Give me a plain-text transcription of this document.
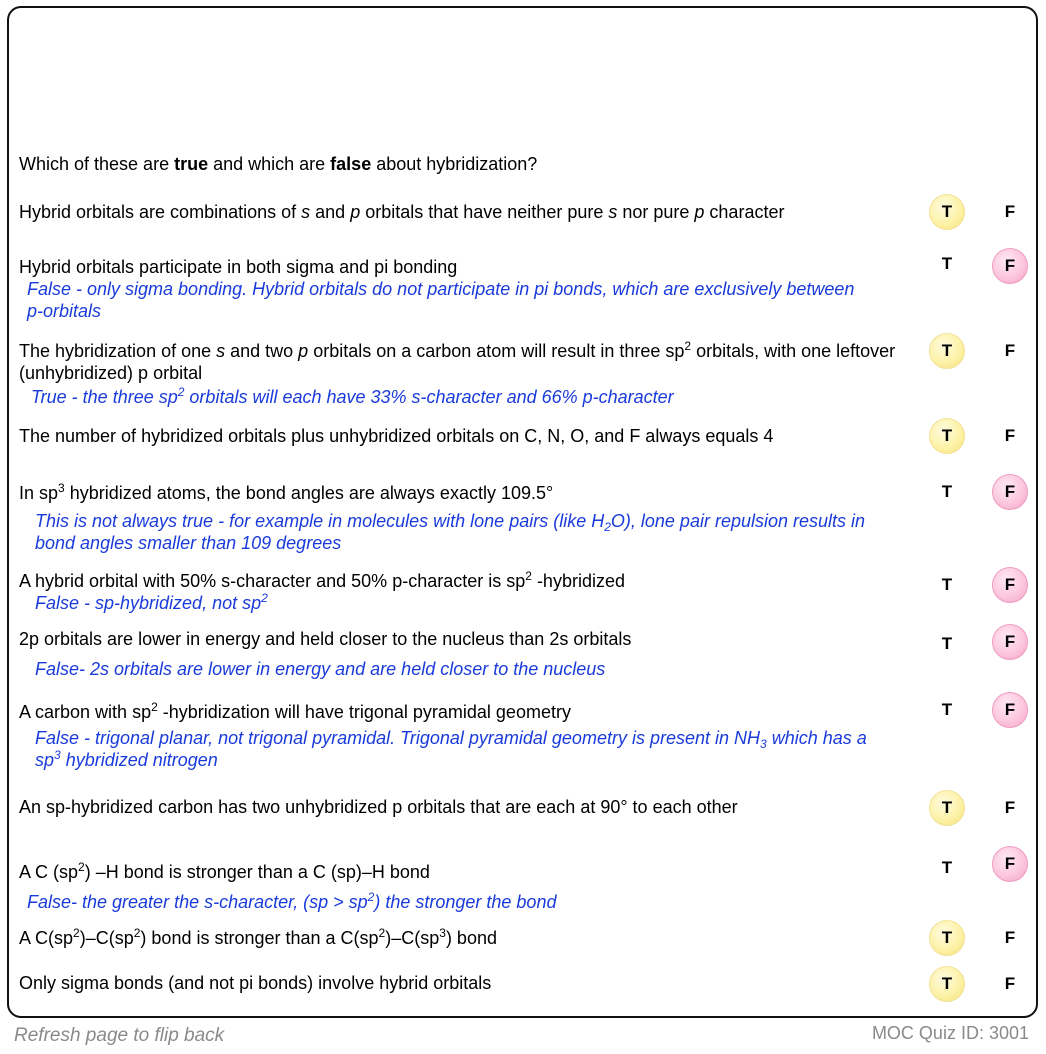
Which of these are true and which are false about hybridization?
Hybrid orbitals are combinations of s and p orbitals that have neither pure s nor pure p character	T	F
Hybrid orbitals participate in both sigma and pi bonding
False - only sigma bonding. Hybrid orbitals do not participate in pi bonds, which are exclusively between p-orbitals
T	F
The hybridization of one s and two p orbitals on a carbon atom will result in three $sp^2$ orbitals, with one leftover (unhybridized) p orbital
True - the three $sp^2$ orbitals will each have 33% s-character and 66% p-character
T	F
The number of hybridized orbitals plus unhybridized orbitals on C, N, O, and F always equals 4	T	F
In $sp^3$ hybridized atoms, the bond angles are always exactly 109.5°
This is not always true - for example in molecules with lone pairs (like $H_2O$), lone pair repulsion results in bond angles smaller than 109 degrees
T	F
A hybrid orbital with 50% s-character and 50% p-character is $sp^2$ -hybridized
False - sp-hybridized, not $sp^2$
T	F
2p orbitals are lower in energy and held closer to the nucleus than 2s orbitals
False- 2s orbitals are lower in energy and are held closer to the nucleus
T	F
A carbon with $sp^2$ -hybridization will have trigonal pyramidal geometry
False - trigonal planar, not trigonal pyramidal. Trigonal pyramidal geometry is present in $NH_3$ which has a $sp^3$ hybridized nitrogen
T	F
An sp-hybridized carbon has two unhybridized p orbitals that are each at 90° to each other	T	F
A C $(sp^2)$ –H bond is stronger than a C (sp)–H bond
False- the greater the s-character, $(sp > sp^2)$ the stronger the bond
T	F
A $C(sp^2)-C(sp^2)$ bond is stronger than a $C(sp^2)-C(sp^3)$ bond	T	F
Only sigma bonds (and not pi bonds) involve hybrid orbitals	T	F
Refresh page to flip back	MOC Quiz ID: 3001
